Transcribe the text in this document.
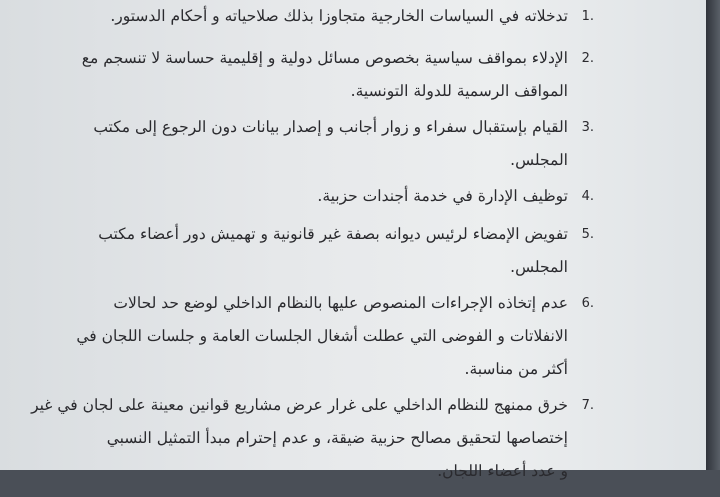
1.
تدخلاته في السياسات الخارجية متجاوزا بذلك صلاحياته و أحكام الدستور.
2.
الإدلاء بمواقف سياسية بخصوص مسائل دولية و إقليمية حساسة لا تنسجم مع
المواقف الرسمية للدولة التونسية.
3.
القيام بإستقبال سفراء و زوار أجانب و إصدار بيانات دون الرجوع إلى مكتب
المجلس.
4.
توظيف الإدارة في خدمة أجندات حزبية.
5.
تفويض الإمضاء لرئيس ديوانه بصفة غير قانونية و تهميش دور أعضاء مكتب
المجلس.
6.
عدم إتخاذه الإجراءات المنصوص عليها بالنظام الداخلي لوضع حد لحالات
الانفلاتات و الفوضى التي عطلت أشغال الجلسات العامة و جلسات اللجان في
أكثر من مناسبة.
7.
خرق ممنهج للنظام الداخلي على غرار عرض مشاريع قوانين معينة على لجان في غير
إختصاصها لتحقيق مصالح حزبية ضيقة، و عدم إحترام مبدأ التمثيل النسبي
و عدد أعضاء اللجان.
